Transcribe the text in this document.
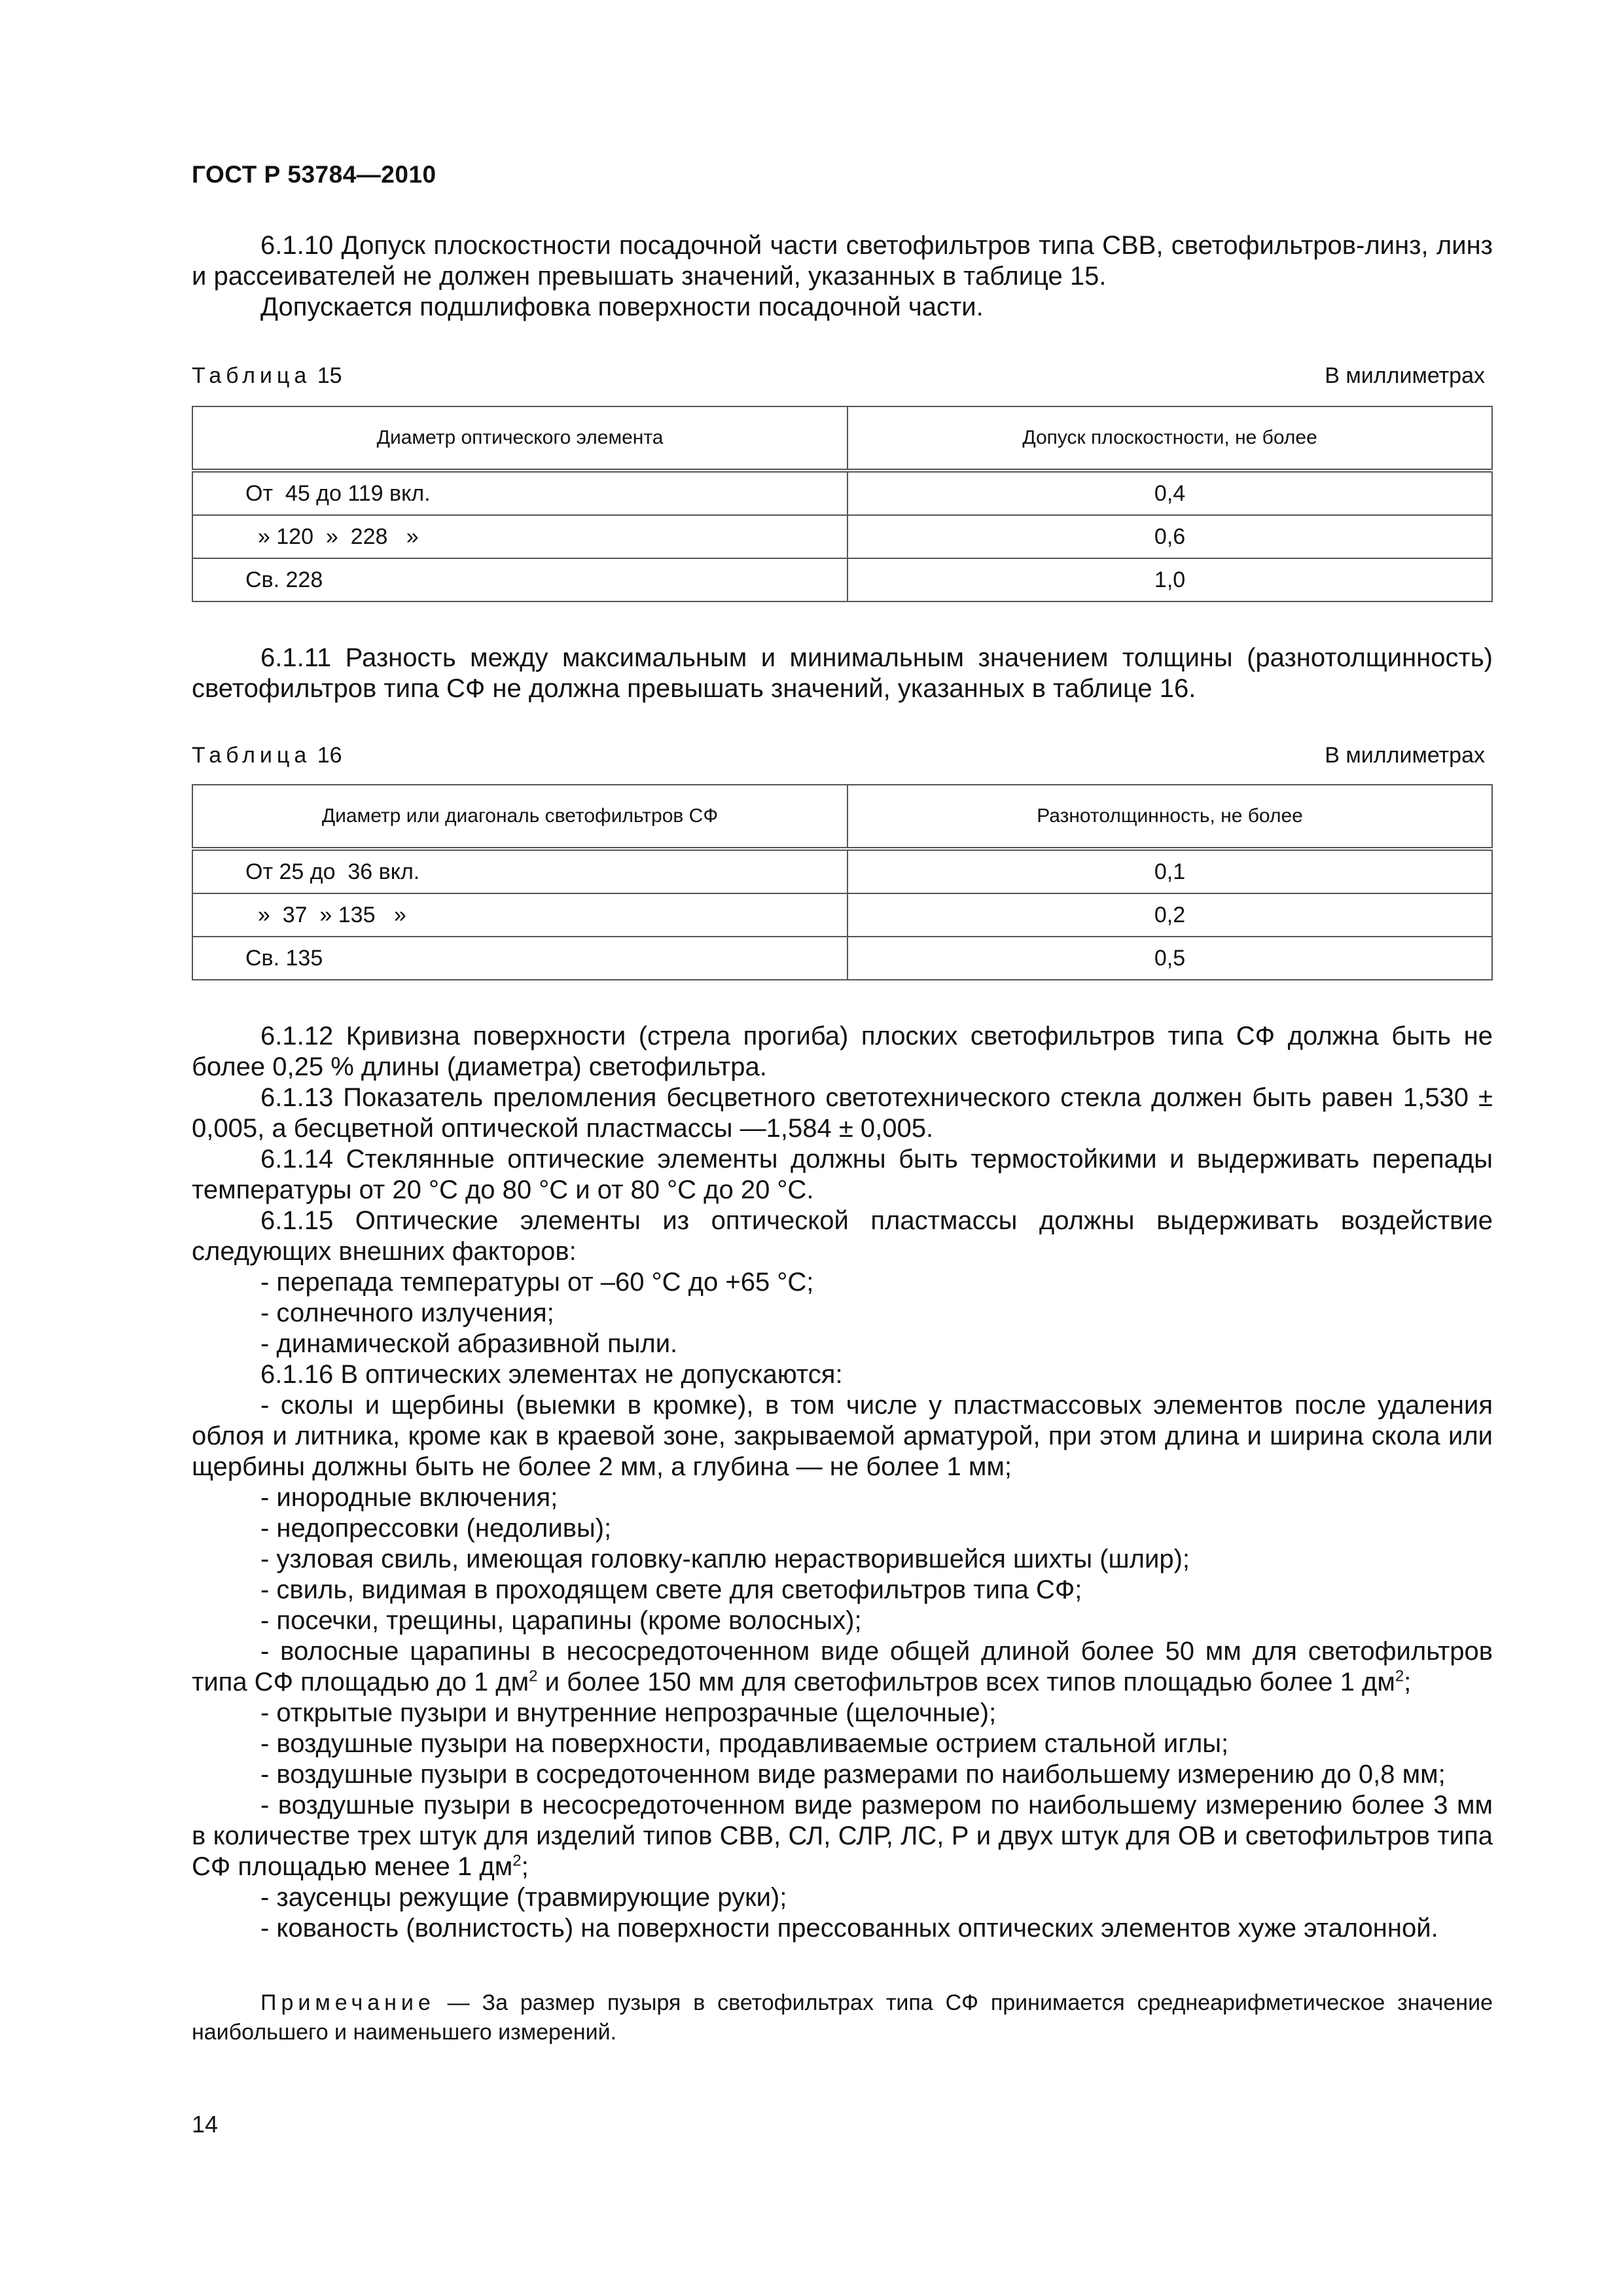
ГОСТ Р 53784—2010

6.1.10 Допуск плоскостности посадочной части светофильтров типа СВВ, светофильтров-линз, линз и рассеивателей не должен превышать значений, указанных в таблице 15.

Допускается подшлифовка поверхности посадочной части.

Таблица 15	В миллиметрах
Диаметр оптического элемента	Допуск плоскостности, не более
От  45 до 119 вкл.	0,4
» 120  »  228   »	0,6
Св. 228	1,0

6.1.11 Разность между максимальным и минимальным значением толщины (разнотолщинность) светофильтров типа СФ не должна превышать значений, указанных в таблице 16.

Таблица 16	В миллиметрах
Диаметр или диагональ светофильтров СФ	Разнотолщинность, не более
От 25 до  36 вкл.	0,1
»  37  » 135   »	0,2
Св. 135	0,5

6.1.12 Кривизна поверхности (стрела прогиба) плоских светофильтров типа СФ должна быть не более 0,25 % длины (диаметра) светофильтра.

6.1.13 Показатель преломления бесцветного светотехнического стекла должен быть равен 1,530 ± 0,005, а бесцветной оптической пластмассы —1,584 ± 0,005.

6.1.14 Стеклянные оптические элементы должны быть термостойкими и выдерживать перепады температуры от 20 °С до 80 °С и от 80 °С до 20 °С.

6.1.15 Оптические элементы из оптической пластмассы должны выдерживать воздействие следующих внешних факторов:

- перепада температуры от –60 °С до +65 °С;

- солнечного излучения;

- динамической абразивной пыли.

6.1.16 В оптических элементах не допускаются:

- сколы и щербины (выемки в кромке), в том числе у пластмассовых элементов после удаления облоя и литника, кроме как в краевой зоне, закрываемой арматурой, при этом длина и ширина скола или щербины должны быть не более 2 мм, а глубина — не более 1 мм;

- инородные включения;

- недопрессовки (недоливы);

- узловая свиль, имеющая головку-каплю нерастворившейся шихты (шлир);

- свиль, видимая в проходящем свете для светофильтров типа СФ;

- посечки, трещины, царапины (кроме волосных);

- волосные царапины в несосредоточенном виде общей длиной более 50 мм для светофильтров типа СФ площадью до 1 $дм^2$ и более 150 мм для светофильтров всех типов площадью более 1 $дм^2$;

- открытые пузыри и внутренние непрозрачные (щелочные);

- воздушные пузыри на поверхности, продавливаемые острием стальной иглы;

- воздушные пузыри в сосредоточенном виде размерами по наибольшему измерению до 0,8 мм;

- воздушные пузыри в несосредоточенном виде размером по наибольшему измерению более 3 мм в количестве трех штук для изделий типов СВВ, СЛ, СЛР, ЛС, Р и двух штук для ОВ и светофильтров типа СФ площадью менее 1 $дм^2$;

- заусенцы режущие (травмирующие руки);

- кованость (волнистость) на поверхности прессованных оптических элементов хуже эталонной.

Примечание — За размер пузыря в светофильтрах типа СФ принимается среднеарифметическое значение наибольшего и наименьшего измерений.
14
